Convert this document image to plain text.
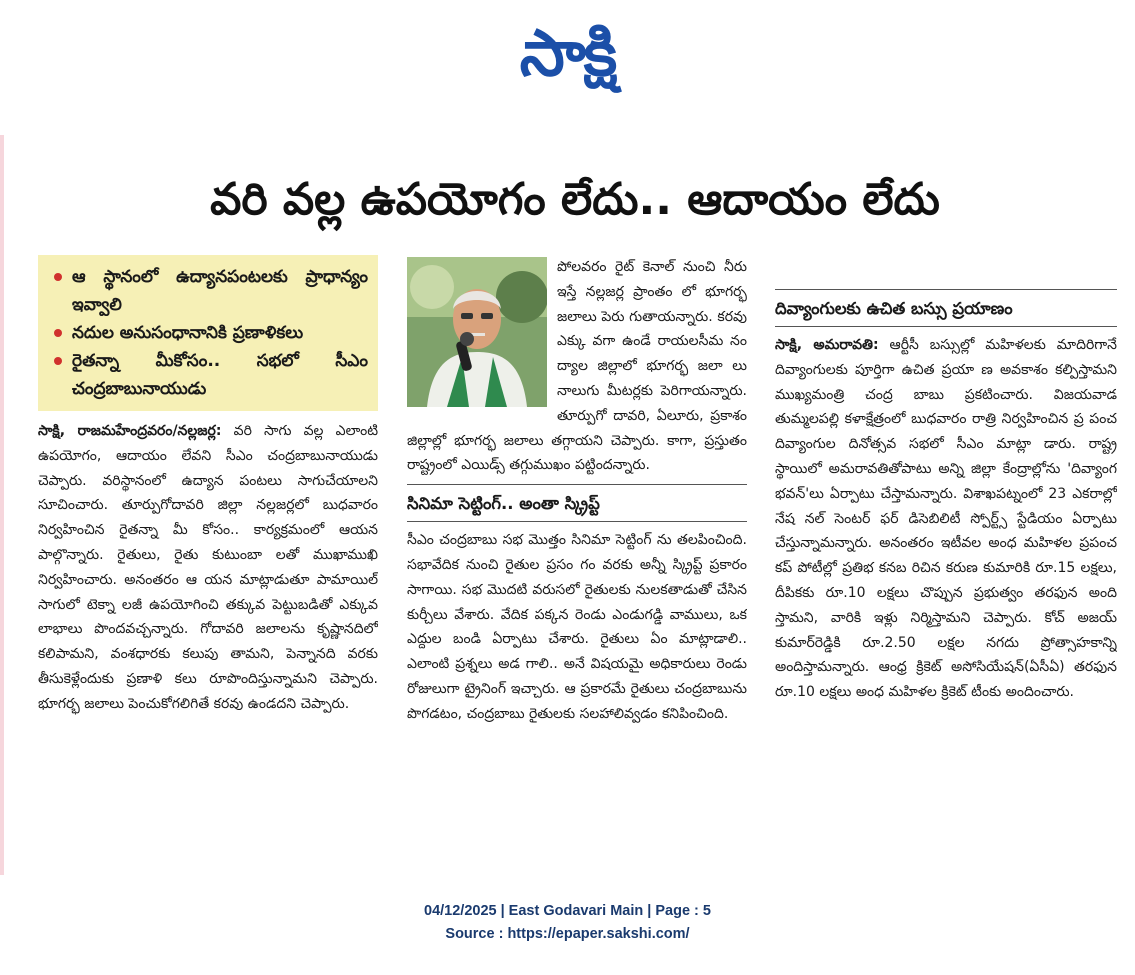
సాక్షి
వరి వల్ల ఉపయోగం లేదు.. ఆదాయం లేదు
ఆ స్థానంలో ఉద్యానపంటలకు ప్రాధాన్యం ఇవ్వాలి
నదుల అనుసంధానానికి ప్రణాళికలు
రైతన్నా మీకోసం.. సభలో సీఎం చంద్రబాబునాయుడు

సాక్షి, రాజమహేంద్రవరం/నల్లజర్ల: వరి సాగు వల్ల ఎలాంటి ఉపయోగం, ఆదాయం లేవని సీఎం చంద్రబాబునాయుడు చెప్పారు. వరిస్థానంలో ఉద్యాన పంటలు సాగుచేయాలని సూచించారు. తూర్పుగోదావరి జిల్లా నల్లజర్లలో బుధవారం నిర్వహించిన రైతన్నా మీ కోసం.. కార్యక్రమంలో ఆయన పాల్గొన్నారు. రైతులు, రైతు కుటుంబా లతో ముఖాముఖి నిర్వహించారు. అనంతరం ఆ యన మాట్లాడుతూ పామాయిల్ సాగులో టెక్నా లజీ ఉపయోగించి తక్కువ పెట్టుబడితో ఎక్కువ లాభాలు పొందవచ్చన్నారు. గోదావరి జలాలను కృష్ణానదిలో కలిపామని, వంశధారకు కలుపు తామని, పెన్నానది వరకు తీసుకెళ్లేందుకు ప్రణాళి కలు రూపొందిస్తున్నామని చెప్పారు. భూగర్భ జలాలు పెంచుకోగలిగితే కరవు ఉండదని చెప్పారు.

పోలవరం రైట్ కెనాల్ నుంచి నీరు ఇస్తే నల్లజర్ల ప్రాంతం లో భూగర్భ జలాలు పెరు గుతాయన్నారు. కరవు ఎక్కు వగా ఉండే రాయలసీమ నం ద్యాల జిల్లాలో భూగర్భ జలా లు నాలుగు మీటర్లకు పెరిగాయన్నారు. తూర్పుగో దావరి, ఏలూరు, ప్రకాశం జిల్లాల్లో భూగర్భ జలాలు తగ్గాయని చెప్పారు. కాగా, ప్రస్తుతం రాష్ట్రంలో ఎయిడ్స్ తగ్గుముఖం పట్టిందన్నారు.

సినిమా సెట్టింగ్.. అంతా స్క్రిప్ట్

సీఎం చంద్రబాబు సభ మొత్తం సినిమా సెట్టింగ్ ను తలపించింది. సభావేదిక నుంచి రైతుల ప్రసం గం వరకు అన్నీ స్క్రిప్ట్ ప్రకారం సాగాయి. సభ మొదటి వరుసలో రైతులకు నులకతాడుతో చేసిన కుర్చీలు వేశారు. వేదిక పక్కన రెండు ఎండుగడ్డి వాములు, ఒక ఎద్దుల బండి ఏర్పాటు చేశారు. రైతులు ఏం మాట్లాడాలి.. ఎలాంటి ప్రశ్నలు అడ గాలి.. అనే విషయమై అధికారులు రెండు రోజులుగా ట్రైనింగ్ ఇచ్చారు. ఆ ప్రకారమే రైతులు చంద్రబాబును పొగడటం, చంద్రబాబు రైతులకు సలహాలివ్వడం కనిపించింది.

దివ్యాంగులకు ఉచిత బస్సు ప్రయాణం

సాక్షి, అమరావతి: ఆర్టీసీ బస్సుల్లో మహిళలకు మాదిరిగానే దివ్యాంగులకు పూర్తిగా ఉచిత ప్రయా ణ అవకాశం కల్పిస్తామని ముఖ్యమంత్రి చంద్ర బాబు ప్రకటించారు. విజయవాడ తుమ్మలపల్లి కళాక్షేత్రంలో బుధవారం రాత్రి నిర్వహించిన ప్ర పంచ దివ్యాంగుల దినోత్సవ సభలో సీఎం మాట్లా డారు. రాష్ట్ర స్థాయిలో అమరావతితోపాటు అన్ని జిల్లా కేంద్రాల్లోను 'దివ్యాంగ భవన్'లు ఏర్పాటు చేస్తామన్నారు. విశాఖపట్నంలో 23 ఎకరాల్లో నేష నల్ సెంటర్ ఫర్ డిసెబిలిటీ స్పోర్ట్స్ స్టేడియం ఏర్పాటు చేస్తున్నామన్నారు. అనంతరం ఇటీవల అంధ మహిళల ప్రపంచ కప్ పోటీల్లో ప్రతిభ కనబ రిచిన కరుణ కుమారికి రూ.15 లక్షలు, దీపికకు రూ.10 లక్షలు చొప్పున ప్రభుత్వం తరఫున అంది స్తామని, వారికి ఇళ్లు నిర్మిస్తామని చెప్పారు. కోచ్ అజయ్ కుమార్‌రెడ్డికి రూ.2.50 లక్షల నగదు ప్రోత్సాహకాన్ని అందిస్తామన్నారు. ఆంధ్ర క్రికెట్ అసోసియేషన్(ఏసీఏ) తరఫున రూ.10 లక్షలు అంధ మహిళల క్రికెట్ టీంకు అందించారు.

04/12/2025 | East Godavari Main | Page : 5
Source : https://epaper.sakshi.com/
